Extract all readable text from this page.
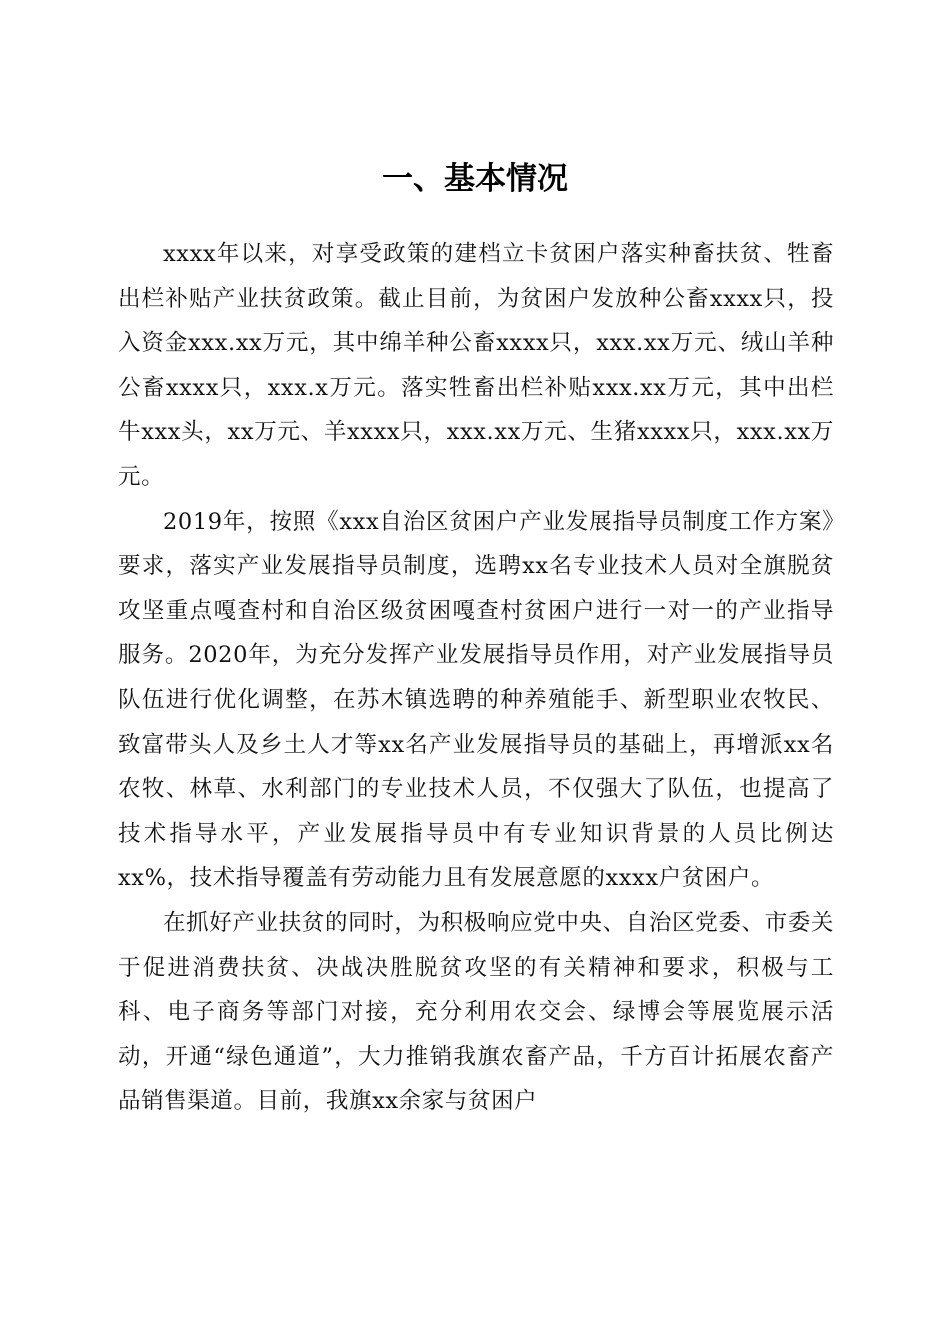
一、基本情况

xxxx年以来，对享受政策的建档立卡贫困户落实种畜扶贫、牲畜出栏补贴产业扶贫政策。截止目前，为贫困户发放种公畜xxxx只，投入资金xxx.xx万元，其中绵羊种公畜xxxx只，xxx.xx万元、绒山羊种公畜xxxx只，xxx.x万元。落实牲畜出栏补贴xxx.xx万元，其中出栏牛xxx头，xx万元、羊xxxx只，xxx.xx万元、生猪xxxx只，xxx.xx万元。

2019年，按照《xxx自治区贫困户产业发展指导员制度工作方案》要求，落实产业发展指导员制度，选聘xx名专业技术人员对全旗脱贫攻坚重点嘎查村和自治区级贫困嘎查村贫困户进行一对一的产业指导服务。2020年，为充分发挥产业发展指导员作用，对产业发展指导员队伍进行优化调整，在苏木镇选聘的种养殖能手、新型职业农牧民、致富带头人及乡土人才等xx名产业发展指导员的基础上，再增派xx名农牧、林草、水利部门的专业技术人员，不仅强大了队伍，也提高了技术指导水平，产业发展指导员中有专业知识背景的人员比例达xx%，技术指导覆盖有劳动能力且有发展意愿的xxxx户贫困户。

在抓好产业扶贫的同时，为积极响应党中央、自治区党委、市委关于促进消费扶贫、决战决胜脱贫攻坚的有关精神和要求，积极与工科、电子商务等部门对接，充分利用农交会、绿博会等展览展示活动，开通“绿色通道”，大力推销我旗农畜产品，千方百计拓展农畜产品销售渠道。目前，我旗xx余家与贫困户
